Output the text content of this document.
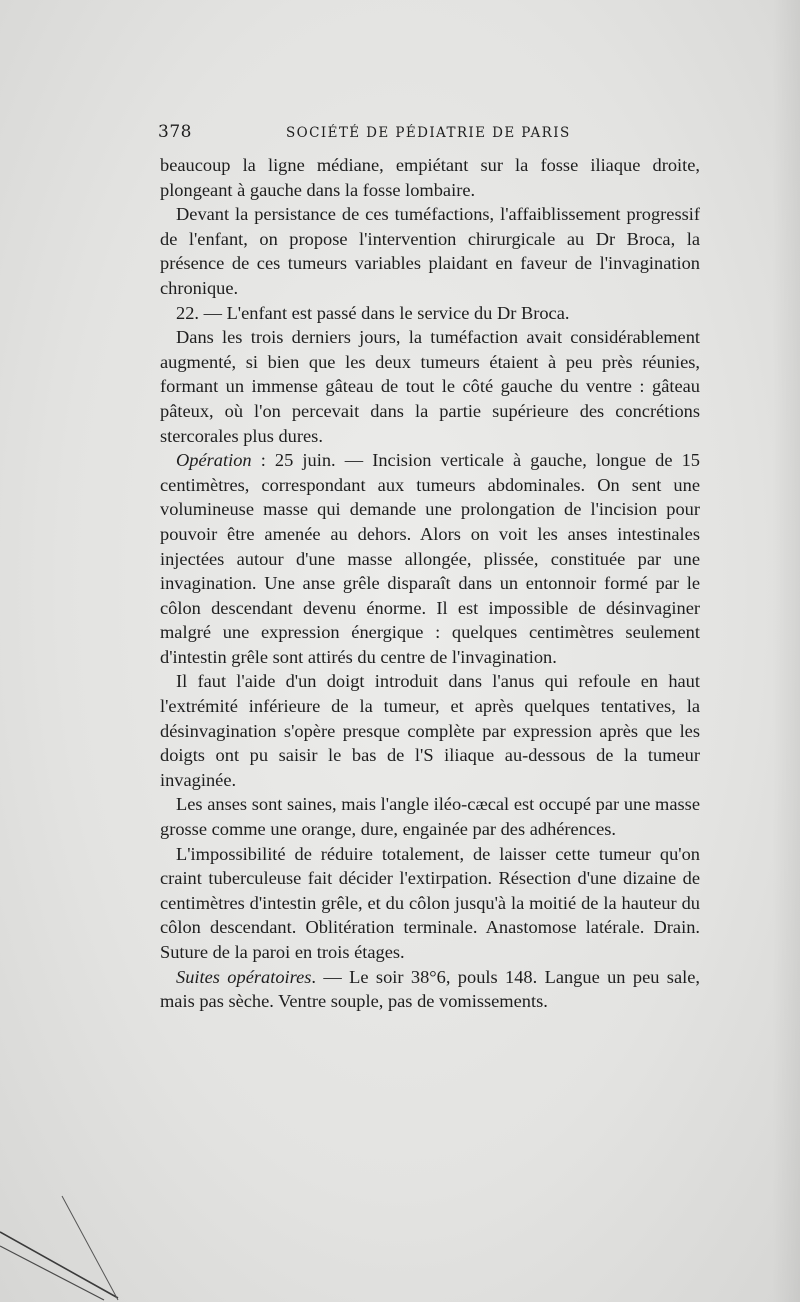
378	SOCIÉTÉ DE PÉDIATRIE DE PARIS

beaucoup la ligne médiane, empiétant sur la fosse iliaque droite, plongeant à gauche dans la fosse lombaire.

Devant la persistance de ces tuméfactions, l'affaiblissement progressif de l'enfant, on propose l'intervention chirurgicale au Dr Broca, la présence de ces tumeurs variables plaidant en faveur de l'invagination chronique.

22. — L'enfant est passé dans le service du Dr Broca.

Dans les trois derniers jours, la tuméfaction avait considérablement augmenté, si bien que les deux tumeurs étaient à peu près réunies, formant un immense gâteau de tout le côté gauche du ventre : gâteau pâteux, où l'on percevait dans la partie supérieure des concrétions stercorales plus dures.

Opération : 25 juin. — Incision verticale à gauche, longue de 15 centimètres, correspondant aux tumeurs abdominales. On sent une volumineuse masse qui demande une prolongation de l'incision pour pouvoir être amenée au dehors. Alors on voit les anses intestinales injectées autour d'une masse allongée, plissée, constituée par une invagination. Une anse grêle disparaît dans un entonnoir formé par le côlon descendant devenu énorme. Il est impossible de désinvaginer malgré une expression énergique : quelques centimètres seulement d'intestin grêle sont attirés du centre de l'invagination.

Il faut l'aide d'un doigt introduit dans l'anus qui refoule en haut l'extrémité inférieure de la tumeur, et après quelques tentatives, la désinvagination s'opère presque complète par expression après que les doigts ont pu saisir le bas de l'S iliaque au-dessous de la tumeur invaginée.

Les anses sont saines, mais l'angle iléo-cæcal est occupé par une masse grosse comme une orange, dure, engainée par des adhérences.

L'impossibilité de réduire totalement, de laisser cette tumeur qu'on craint tuberculeuse fait décider l'extirpation. Résection d'une dizaine de centimètres d'intestin grêle, et du côlon jusqu'à la moitié de la hauteur du côlon descendant. Oblitération terminale. Anastomose latérale. Drain. Suture de la paroi en trois étages.

Suites opératoires. — Le soir 38°6, pouls 148. Langue un peu sale, mais pas sèche. Ventre souple, pas de vomissements.
